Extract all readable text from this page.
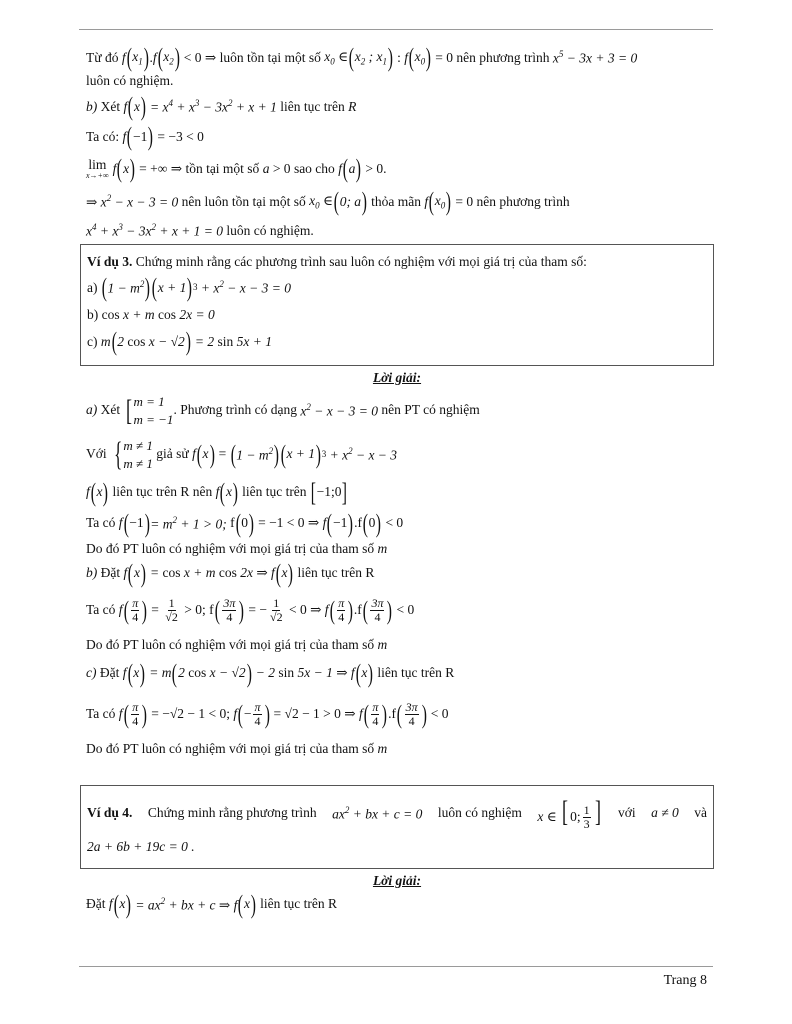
Từ đó
f ( $x_1$ ) . f ( $x_2$ ) < 0 ⇒ luôn tồn tại một số
$x_0$ ∈ ( $x_2$ ; $x_1$ ) : f ( $x_0$ ) = 0 nên phương trình
$x^5 - 3x + 3 = 0$
luôn có nghiệm.
b)
Xét
f ( x ) = $x^4 + x^3 - 3x^2 + x + 1$ liên tục trên
R
Ta có:
f ( −1 ) = −3 < 0
lim
x→+∞ f ( x ) = +∞ ⇒ tồn tại một số
a > 0 sao cho
f ( a ) > 0.
⇒ $x^2 - x - 3 = 0$ nên luôn tồn tại một số
$x_0$ ∈ ( 0; a )
thỏa mãn
f ( $x_0$ ) = 0 nên phương trình
$x^4 + x^3 - 3x^2 + x + 1 = 0$ luôn có nghiệm.
Ví dụ 3.
Chứng minh rằng các phương trình sau luôn có nghiệm với mọi giá trị của tham số:
a)
( $1 - m^2$ ) ( x + 1 ) $3 + x^2 - x - 3 = 0$
b)
cos x + m cos 2x = 0
c)
m ( 2 cos x − √2 ) = 2 sin 5x + 1
Lời giải:
a)
Xét
[ m = 1
m = −1
. Phương trình có dạng
$x^2 - x - 3 = 0$ nên PT có nghiệm
Với
{ m ≠ 1
m ≠ 1

giả sử
f ( x ) = ( $1 - m^2$ ) ( x + 1 ) $3 + x^2 - x - 3$
f ( x )
liên tục trên R nên
f ( x )
liên tục trên
[ −1;0 ]
Ta có
f ( −1 ) = $m^2 + 1 > 0$; f ( 0 ) = −1 < 0 ⇒ f ( −1 ) .f ( 0 ) < 0
Do đó PT luôn có nghiệm với mọi giá trị của tham số
m
b)
Đặt
f ( x ) = cos x + m cos 2x ⇒ f ( x )
liên tục trên R
Ta có
f ( $\frac{\pi}{4}$ ) = $\frac{1}{√2} > 0$; f ( $\frac{3\pi}{4}$ ) = − $\frac{1}{√2} < 0$ ⇒ f ( $\frac{\pi}{4}$ ) .f ( $\frac{3\pi}{4}$ ) < 0
Do đó PT luôn có nghiệm với mọi giá trị của tham số
m
c)
Đặt
f ( x ) = m ( 2 cos x − √2 ) − 2 sin 5x − 1 ⇒ f ( x )
liên tục trên R
Ta có
f ( $\frac{\pi}{4}$ ) = −√2 − 1 < 0; f ( − $\frac{\pi}{4}$ ) = √2 − 1 > 0 ⇒ f ( $\frac{\pi}{4}$ ) .f ( $\frac{3\pi}{4}$ ) < 0
Do đó PT luôn có nghiệm với mọi giá trị của tham số
m
Ví dụ 4. Chứng minh rằng phương trình $ax^2$ + bx + c = 0 luôn có nghiệm x ∈ [ 0; $\frac{1}{3}$ ] với a ≠ 0 và
2a + 6b + 19c = 0 .
Lời giải:
Đặt
f ( x ) = $ax^2$ + bx + c ⇒ f ( x )
liên tục trên R
Trang 8
